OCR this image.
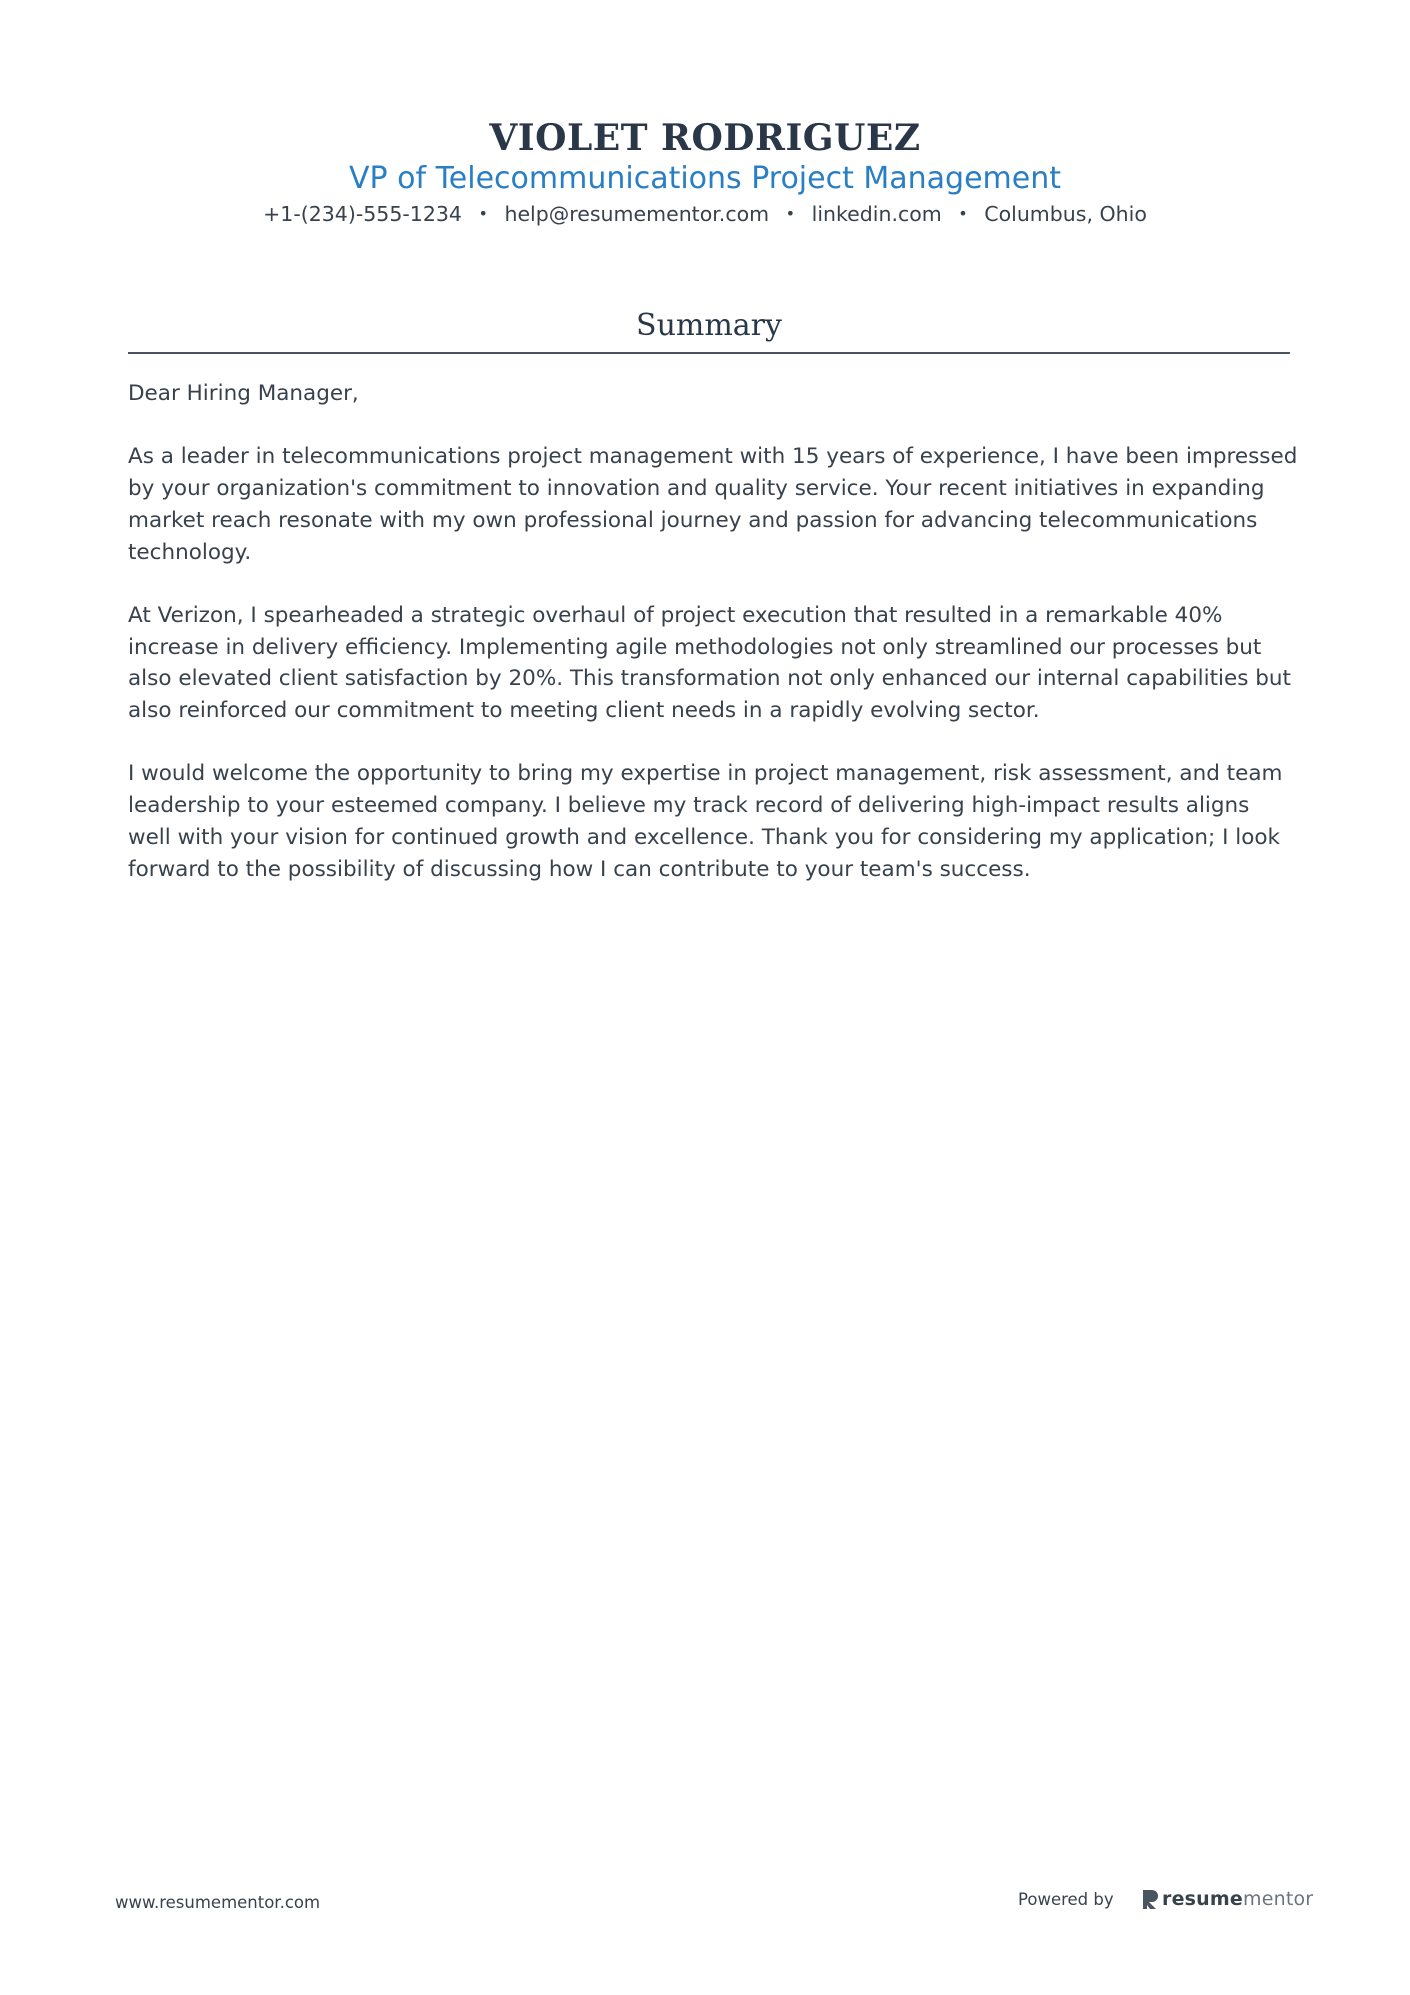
VIOLET RODRIGUEZ
VP of Telecommunications Project Management
+1-(234)-555-1234 • help@resumementor.com • linkedin.com • Columbus, Ohio
Summary

Dear Hiring Manager,

As a leader in telecommunications project management with 15 years of experience, I have been impressed by your organization's commitment to innovation and quality service. Your recent initiatives in expanding market reach resonate with my own professional journey and passion for advancing telecommunications technology.

At Verizon, I spearheaded a strategic overhaul of project execution that resulted in a remarkable 40% increase in delivery efficiency. Implementing agile methodologies not only streamlined our processes but also elevated client satisfaction by 20%. This transformation not only enhanced our internal capabilities but also reinforced our commitment to meeting client needs in a rapidly evolving sector.

I would welcome the opportunity to bring my expertise in project management, risk assessment, and team leadership to your esteemed company. I believe my track record of delivering high-impact results aligns well with your vision for continued growth and excellence. Thank you for considering my application; I look forward to the possibility of discussing how I can contribute to your team's success.

www.resumementor.com	Powered by	resume mentor
